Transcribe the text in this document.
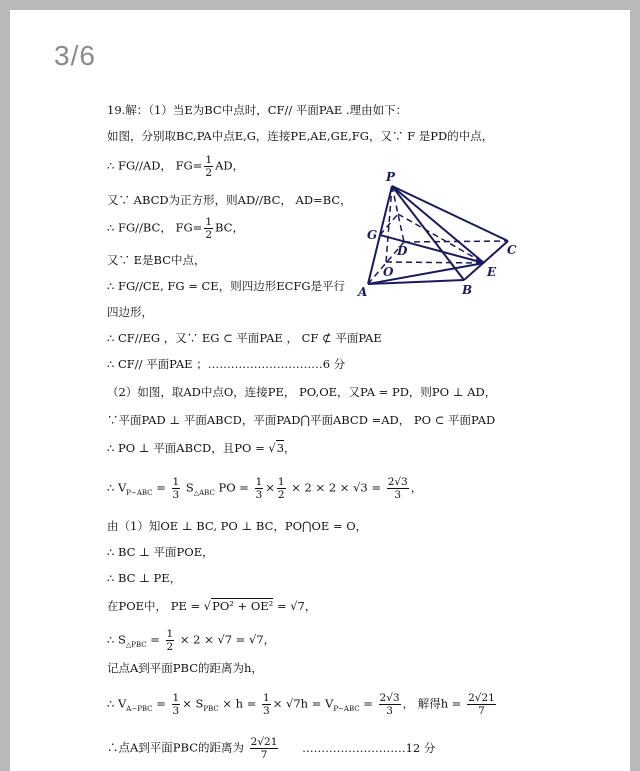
3/6
19.解：（1）当E为BC中点时，CF// 平面PAE .理由如下：
如图，分别取BC,PA中点E,G，连接PE,AE,GE,FG，又∵ F 是PD的中点，
∴ FG//AD， $FG= \frac{1}{2}$ AD，
又∵ ABCD为正方形，则AD//BC， AD=BC，
∴ FG//BC， $FG= \frac{1}{2}$ BC，
又∵ E是BC中点，
∴ FG//CE, FG = CE，则四边形ECFG是平行
四边形，
∴ CF//EG ，又∵ EG ⊂ 平面PAE ， CF ⊄ 平面PAE
∴ CF// 平面PAE ；…………………………6 分
（2）如图，取AD中点O，连接PE， PO,OE，又PA = PD，则PO ⊥ AD，
∵平面PAD ⊥ 平面ABCD，平面PAD⋂平面ABCD =AD， PO ⊂ 平面PAD
∴ PO ⊥ 平面ABCD，且PO = √3，
∴ $V_{P-ABC} = \frac{1}{3} S_{\triangle ABC}$ PO = $\frac{1}{3} \times \frac{1}{2} \times 2 \times 2 \times √3 = \frac{2√3}{3}$ ，
由（1）知OE ⊥ BC, PO ⊥ BC，PO⋂OE = O，
∴ BC ⊥ 平面POE，
∴ BC ⊥ PE，
在POE中， PE = √PO² + OE² = √7，
∴ $S_{\triangle PBC} = \frac{1}{2} \times 2 \times √7 = √7$，
记点A到平面PBC的距离为h，
∴ $V_{A-PBC} = \frac{1}{3} \times S_{PBC} \times h = \frac{1}{3} \times √7h = V_{P-ABC} = \frac{2√3}{3}$ ， 解得$h = \frac{2√21}{7}$
∴点A到平面PBC的距离为 $\frac{2√21}{7}$ ………………………12 分
P
G
D
O
A	B
E
C
